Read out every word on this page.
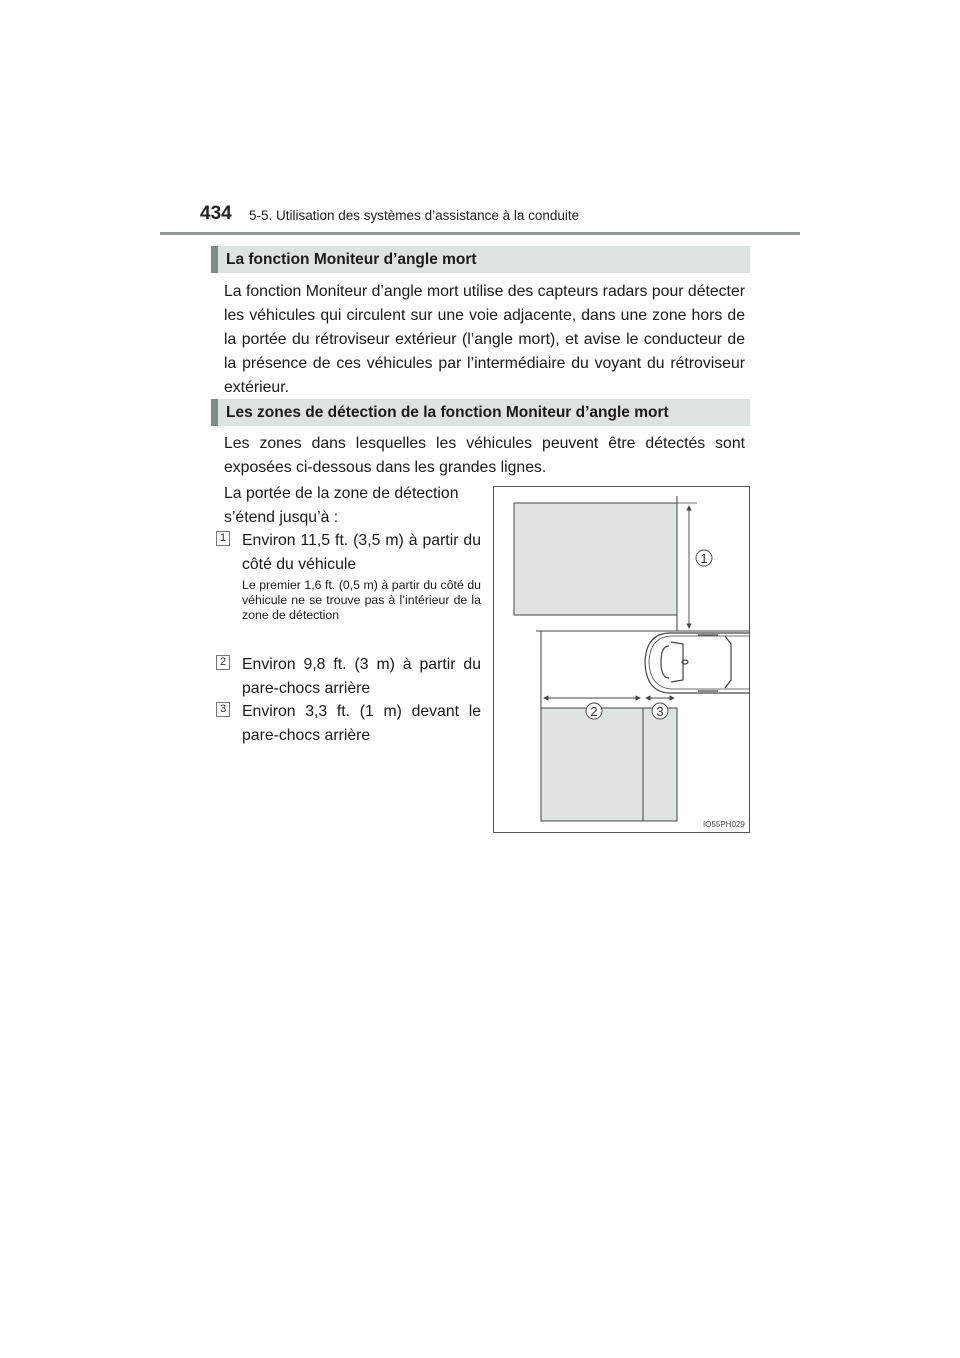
434 5-5. Utilisation des systèmes d’assistance à la conduite
La fonction Moniteur d’angle mort

La fonction Moniteur d’angle mort utilise des capteurs radars pour détecter les véhicules qui circulent sur une voie adjacente, dans une zone hors de la portée du rétroviseur extérieur (l’angle mort), et avise le conducteur de la présence de ces véhicules par l’intermédiaire du voyant du rétroviseur extérieur.

Les zones de détection de la fonction Moniteur d’angle mort

Les zones dans lesquelles les véhicules peuvent être détectés sont exposées ci-dessous dans les grandes lignes.

La portée de la zone de détection s’étend jusqu’à :
1 Environ 11,5 ft. (3,5 m) à partir du côté du véhicule

Le premier 1,6 ft. (0,5 m) à partir du côté du véhicule ne se trouve pas à l’intérieur de la zone de détection

2 Environ 9,8 ft. (3 m) à partir du pare-chocs arrière

3 Environ 3,3 ft. (1 m) devant le pare-chocs arrière

1
2	3
IO55PH029
